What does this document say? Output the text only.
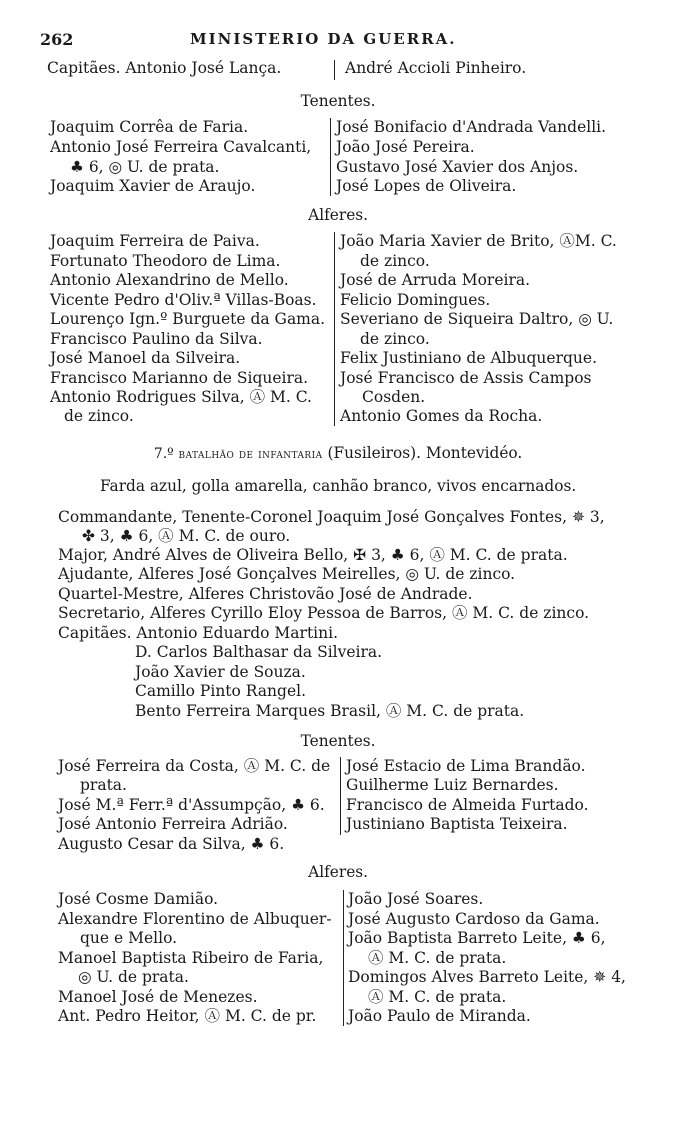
262	MINISTERIO DA GUERRA.
Capitães. Antonio José Lança.	André Accioli Pinheiro.
Tenentes.
Joaquim Corrêa de Faria.
Antonio José Ferreira Cavalcanti,
♣ 6, ◎ U. de prata.
Joaquim Xavier de Araujo.
José Bonifacio d'Andrada Vandelli.
João José Pereira.
Gustavo José Xavier dos Anjos.
José Lopes de Oliveira.
Alferes.
Joaquim Ferreira de Paiva.
Fortunato Theodoro de Lima.
Antonio Alexandrino de Mello.
Vicente Pedro d'Oliv.ª Villas-Boas.
Lourenço Ign.º Burguete da Gama.
Francisco Paulino da Silva.
José Manoel da Silveira.
Francisco Marianno de Siqueira.
Antonio Rodrigues Silva, Ⓐ M. C.
de zinco.
João Maria Xavier de Brito, ⒶM. C.
de zinco.
José de Arruda Moreira.
Felicio Domingues.
Severiano de Siqueira Daltro, ◎ U.
de zinco.
Felix Justiniano de Albuquerque.
José Francisco de Assis Campos
Cosden.
Antonio Gomes da Rocha.
7.º batalhão de infantaria (Fusileiros). Montevidéo.
Farda azul, golla amarella, canhão branco, vivos encarnados.
Commandante, Tenente-Coronel Joaquim José Gonçalves Fontes, ✵ 3,
✤ 3, ♣ 6, Ⓐ M. C. de ouro.
Major, André Alves de Oliveira Bello, ✠ 3, ♣ 6, Ⓐ M. C. de prata.
Ajudante, Alferes José Gonçalves Meirelles, ◎ U. de zinco.
Quartel-Mestre, Alferes Christovão José de Andrade.
Secretario, Alferes Cyrillo Eloy Pessoa de Barros, Ⓐ M. C. de zinco.
Capitães. Antonio Eduardo Martini.
D. Carlos Balthasar da Silveira.
João Xavier de Souza.
Camillo Pinto Rangel.
Bento Ferreira Marques Brasil, Ⓐ M. C. de prata.
Tenentes.
José Ferreira da Costa, Ⓐ M. C. de
prata.
José M.ª Ferr.ª d'Assumpção, ♣ 6.
José Antonio Ferreira Adrião.
Augusto Cesar da Silva, ♣ 6.
José Estacio de Lima Brandão.
Guilherme Luiz Bernardes.
Francisco de Almeida Furtado.
Justiniano Baptista Teixeira.
Alferes.
José Cosme Damião.
Alexandre Florentino de Albuquer-
que e Mello.
Manoel Baptista Ribeiro de Faria,
◎ U. de prata.
Manoel José de Menezes.
Ant. Pedro Heitor, Ⓐ M. C. de pr.
João José Soares.
José Augusto Cardoso da Gama.
João Baptista Barreto Leite, ♣ 6,
Ⓐ M. C. de prata.
Domingos Alves Barreto Leite, ✵ 4,
Ⓐ M. C. de prata.
João Paulo de Miranda.
